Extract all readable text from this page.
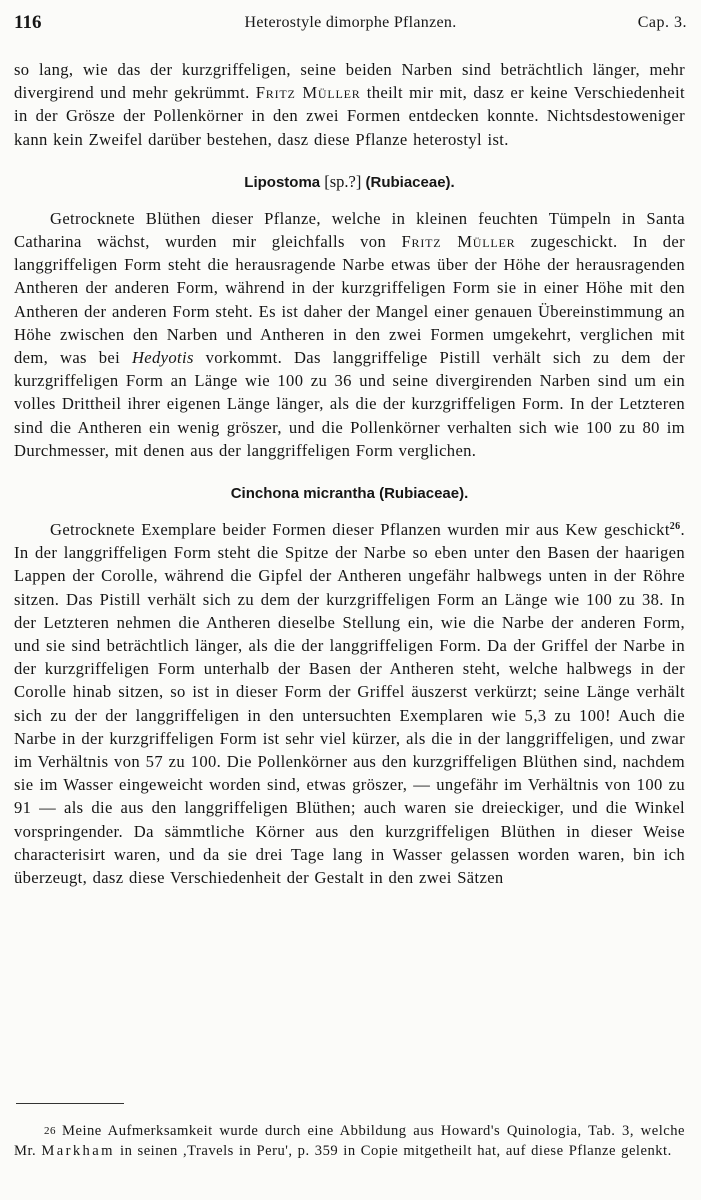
116	Heterostyle dimorphe Pflanzen.	Cap. 3.

so lang, wie das der kurzgriffeligen, seine beiden Narben sind beträchtlich länger, mehr divergirend und mehr gekrümmt. Fritz Müller theilt mir mit, dasz er keine Verschiedenheit in der Grösze der Pollenkörner in den zwei Formen entdecken konnte. Nichtsdestoweniger kann kein Zweifel darüber bestehen, dasz diese Pflanze heterostyl ist.

Lipostoma [sp.?] (Rubiaceae).

Getrocknete Blüthen dieser Pflanze, welche in kleinen feuchten Tümpeln in Santa Catharina wächst, wurden mir gleichfalls von Fritz Müller zugeschickt. In der langgriffeligen Form steht die herausragende Narbe etwas über der Höhe der herausragenden Antheren der anderen Form, während in der kurzgriffeligen Form sie in einer Höhe mit den Antheren der anderen Form steht. Es ist daher der Mangel einer genauen Übereinstimmung an Höhe zwischen den Narben und Antheren in den zwei Formen umgekehrt, verglichen mit dem, was bei Hedyotis vorkommt. Das langgriffelige Pistill verhält sich zu dem der kurzgriffeligen Form an Länge wie 100 zu 36 und seine divergirenden Narben sind um ein volles Drittheil ihrer eigenen Länge länger, als die der kurzgriffeligen Form. In der Letzteren sind die Antheren ein wenig gröszer, und die Pollenkörner verhalten sich wie 100 zu 80 im Durchmesser, mit denen aus der langgriffeligen Form verglichen.

Cinchona micrantha (Rubiaceae).

Getrocknete Exemplare beider Formen dieser Pflanzen wurden mir aus Kew geschickt$^{26}$. In der langgriffeligen Form steht die Spitze der Narbe so eben unter den Basen der haarigen Lappen der Corolle, während die Gipfel der Antheren ungefähr halbwegs unten in der Röhre sitzen. Das Pistill verhält sich zu dem der kurzgriffeligen Form an Länge wie 100 zu 38. In der Letzteren nehmen die Antheren dieselbe Stellung ein, wie die Narbe der anderen Form, und sie sind beträchtlich länger, als die der langgriffeligen Form. Da der Griffel der Narbe in der kurzgriffeligen Form unterhalb der Basen der Antheren steht, welche halbwegs in der Corolle hinab sitzen, so ist in dieser Form der Griffel äuszerst verkürzt; seine Länge verhält sich zu der der langgriffeligen in den untersuchten Exemplaren wie 5,3 zu 100! Auch die Narbe in der kurzgriffeligen Form ist sehr viel kürzer, als die in der langgriffeligen, und zwar im Verhältnis von 57 zu 100. Die Pollenkörner aus den kurzgriffeligen Blüthen sind, nachdem sie im Wasser eingeweicht worden sind, etwas gröszer, — ungefähr im Verhältnis von 100 zu 91 — als die aus den langgriffeligen Blüthen; auch waren sie dreieckiger, und die Winkel vorspringender. Da sämmtliche Körner aus den kurzgriffeligen Blüthen in dieser Weise characterisirt waren, und da sie drei Tage lang in Wasser gelassen worden waren, bin ich überzeugt, dasz diese Verschiedenheit der Gestalt in den zwei Sätzen

26 Meine Aufmerksamkeit wurde durch eine Abbildung aus Howard's Quinologia, Tab. 3, welche Mr. Markham in seinen ,Travels in Peru', p. 359 in Copie mitgetheilt hat, auf diese Pflanze gelenkt.
